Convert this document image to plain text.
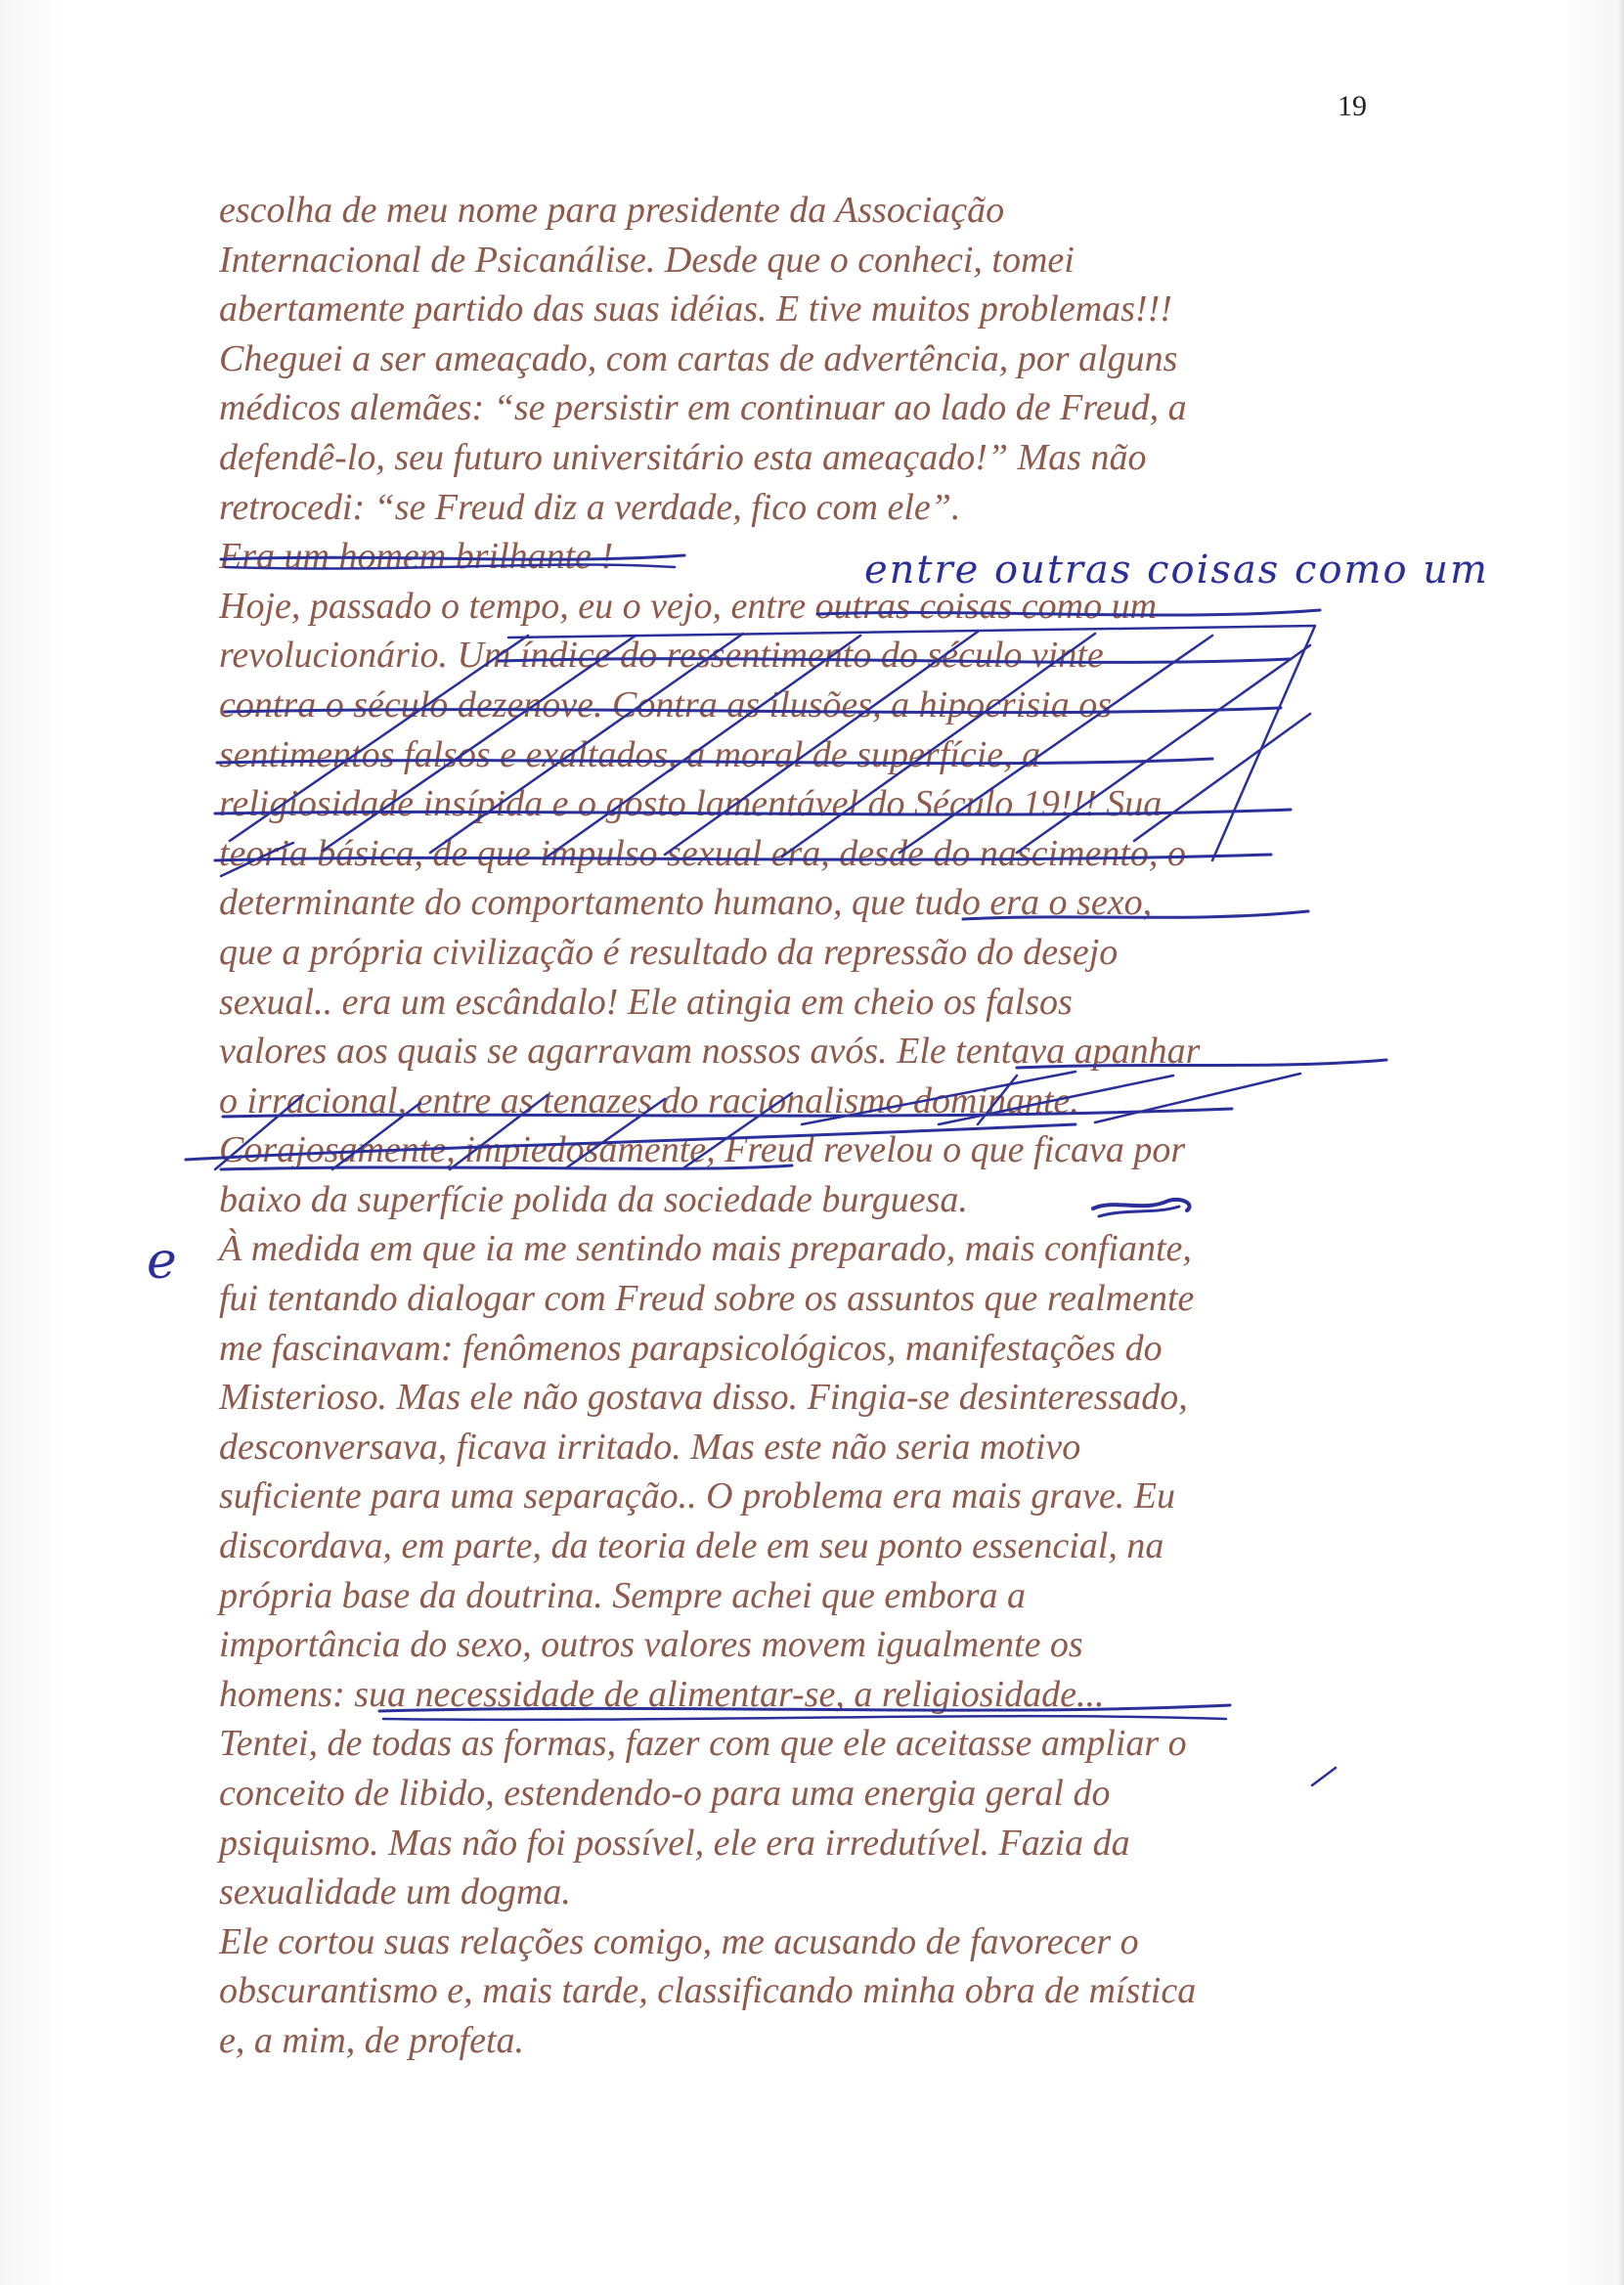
19
escolha de meu nome para presidente da Associação
Internacional de Psicanálise. Desde que o conheci, tomei
abertamente partido das suas idéias. E tive muitos problemas!!!
Cheguei a ser ameaçado, com cartas de advertência, por alguns
médicos alemães: “se persistir em continuar ao lado de Freud, a
defendê-lo, seu futuro universitário esta ameaçado!” Mas não
retrocedi: “se Freud diz a verdade, fico com ele”.
Era um homem brilhante !
Hoje, passado o tempo, eu o vejo, entre outras coisas como um
revolucionário. Um índice do ressentimento do século vinte
contra o século dezenove. Contra as ilusões, a hipocrisia os
sentimentos falsos e exaltados, a moral de superfície, a
religiosidade insípida e o gosto lamentável do Século 19!!! Sua
teoria básica, de que impulso sexual era, desde do nascimento, o
determinante do comportamento humano, que tudo era o sexo,
que a própria civilização é resultado da repressão do desejo
sexual.. era um escândalo! Ele atingia em cheio os falsos
valores aos quais se agarravam nossos avós. Ele tentava apanhar
o irracional, entre as tenazes do racionalismo dominante.
Corajosamente, impiedosamente, Freud revelou o que ficava por
baixo da superfície polida da sociedade burguesa.
À medida em que ia me sentindo mais preparado, mais confiante,
fui tentando dialogar com Freud sobre os assuntos que realmente
me fascinavam: fenômenos parapsicológicos, manifestações do
Misterioso. Mas ele não gostava disso. Fingia-se desinteressado,
desconversava, ficava irritado. Mas este não seria motivo
suficiente para uma separação.. O problema era mais grave. Eu
discordava, em parte, da teoria dele em seu ponto essencial, na
própria base da doutrina. Sempre achei que embora a
importância do sexo, outros valores movem igualmente os
homens: sua necessidade de alimentar-se, a religiosidade...
Tentei, de todas as formas, fazer com que ele aceitasse ampliar o
conceito de libido, estendendo-o para uma energia geral do
psiquismo. Mas não foi possível, ele era irredutível. Fazia da
sexualidade um dogma.
Ele cortou suas relações comigo, me acusando de favorecer o
obscurantismo e, mais tarde, classificando minha obra de mística
e, a mim, de profeta.
entre outras coisas como um
e
